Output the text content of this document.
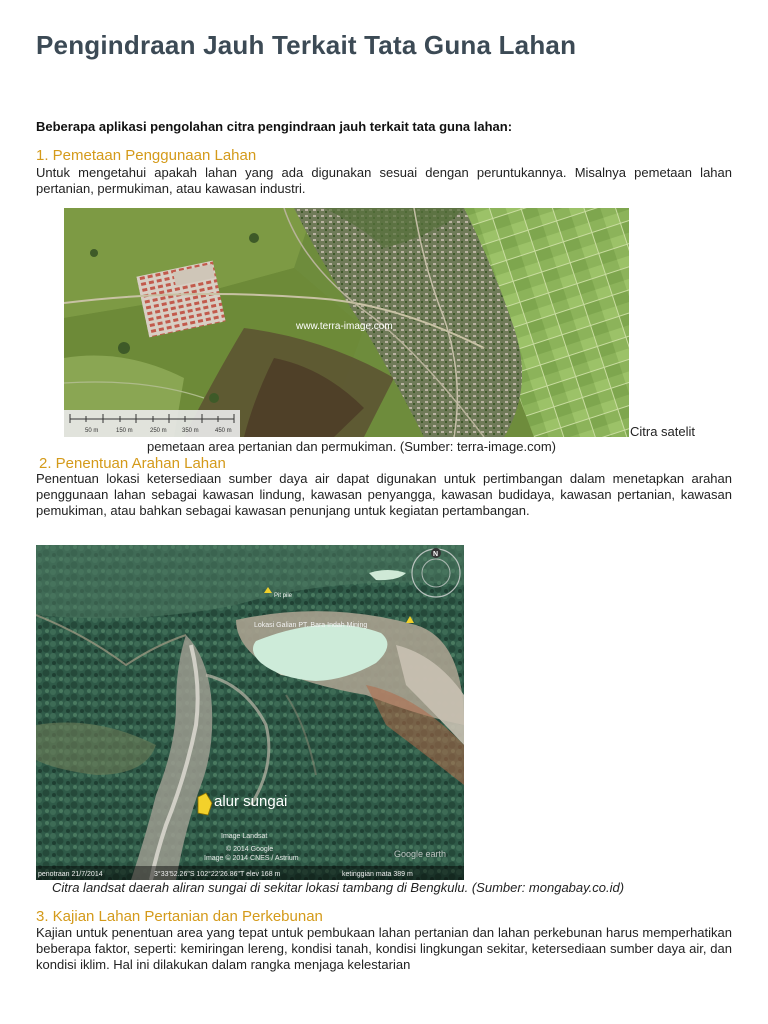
Pengindraan Jauh Terkait Tata Guna Lahan

Beberapa aplikasi pengolahan citra pengindraan jauh terkait tata guna lahan:

1. Pemetaan Penggunaan Lahan

Untuk mengetahui apakah lahan yang ada digunakan sesuai dengan peruntukannya. Misalnya pemetaan lahan pertanian, permukiman, atau kawasan industri.

www.terra-image.com
50 m	150 m	250 m	350 m	450 m	Citra satelit

pemetaan area pertanian dan permukiman. (Sumber: terra-image.com)

2. Penentuan Arahan Lahan

Penentuan lokasi ketersediaan sumber daya air dapat digunakan untuk pertimbangan dalam menetapkan arahan penggunaan lahan sebagai kawasan lindung, kawasan penyangga, kawasan budidaya, kawasan pertanian, kawasan pemukiman, atau bahkan sebagai kawasan penunjang untuk kegiatan pertambangan.

N
Pit pile
Lokasi Galian PT. Bara Indah Mining
alur sungai
Image Landsat
© 2014 Google
Image © 2014 CNES / Astrium	Google earth
penotraan 21/7/2014	3°33'52.26"S 102°22'26.86"T elev 168 m	ketinggian mata 389 m

Citra landsat daerah aliran sungai di sekitar lokasi tambang di Bengkulu. (Sumber: mongabay.co.id)

3. Kajian Lahan Pertanian dan Perkebunan

Kajian untuk penentuan area yang tepat untuk pembukaan lahan pertanian dan lahan perkebunan harus memperhatikan beberapa faktor, seperti: kemiringan lereng, kondisi tanah, kondisi lingkungan sekitar, ketersediaan sumber daya air, dan kondisi iklim. Hal ini dilakukan dalam rangka menjaga kelestarian
